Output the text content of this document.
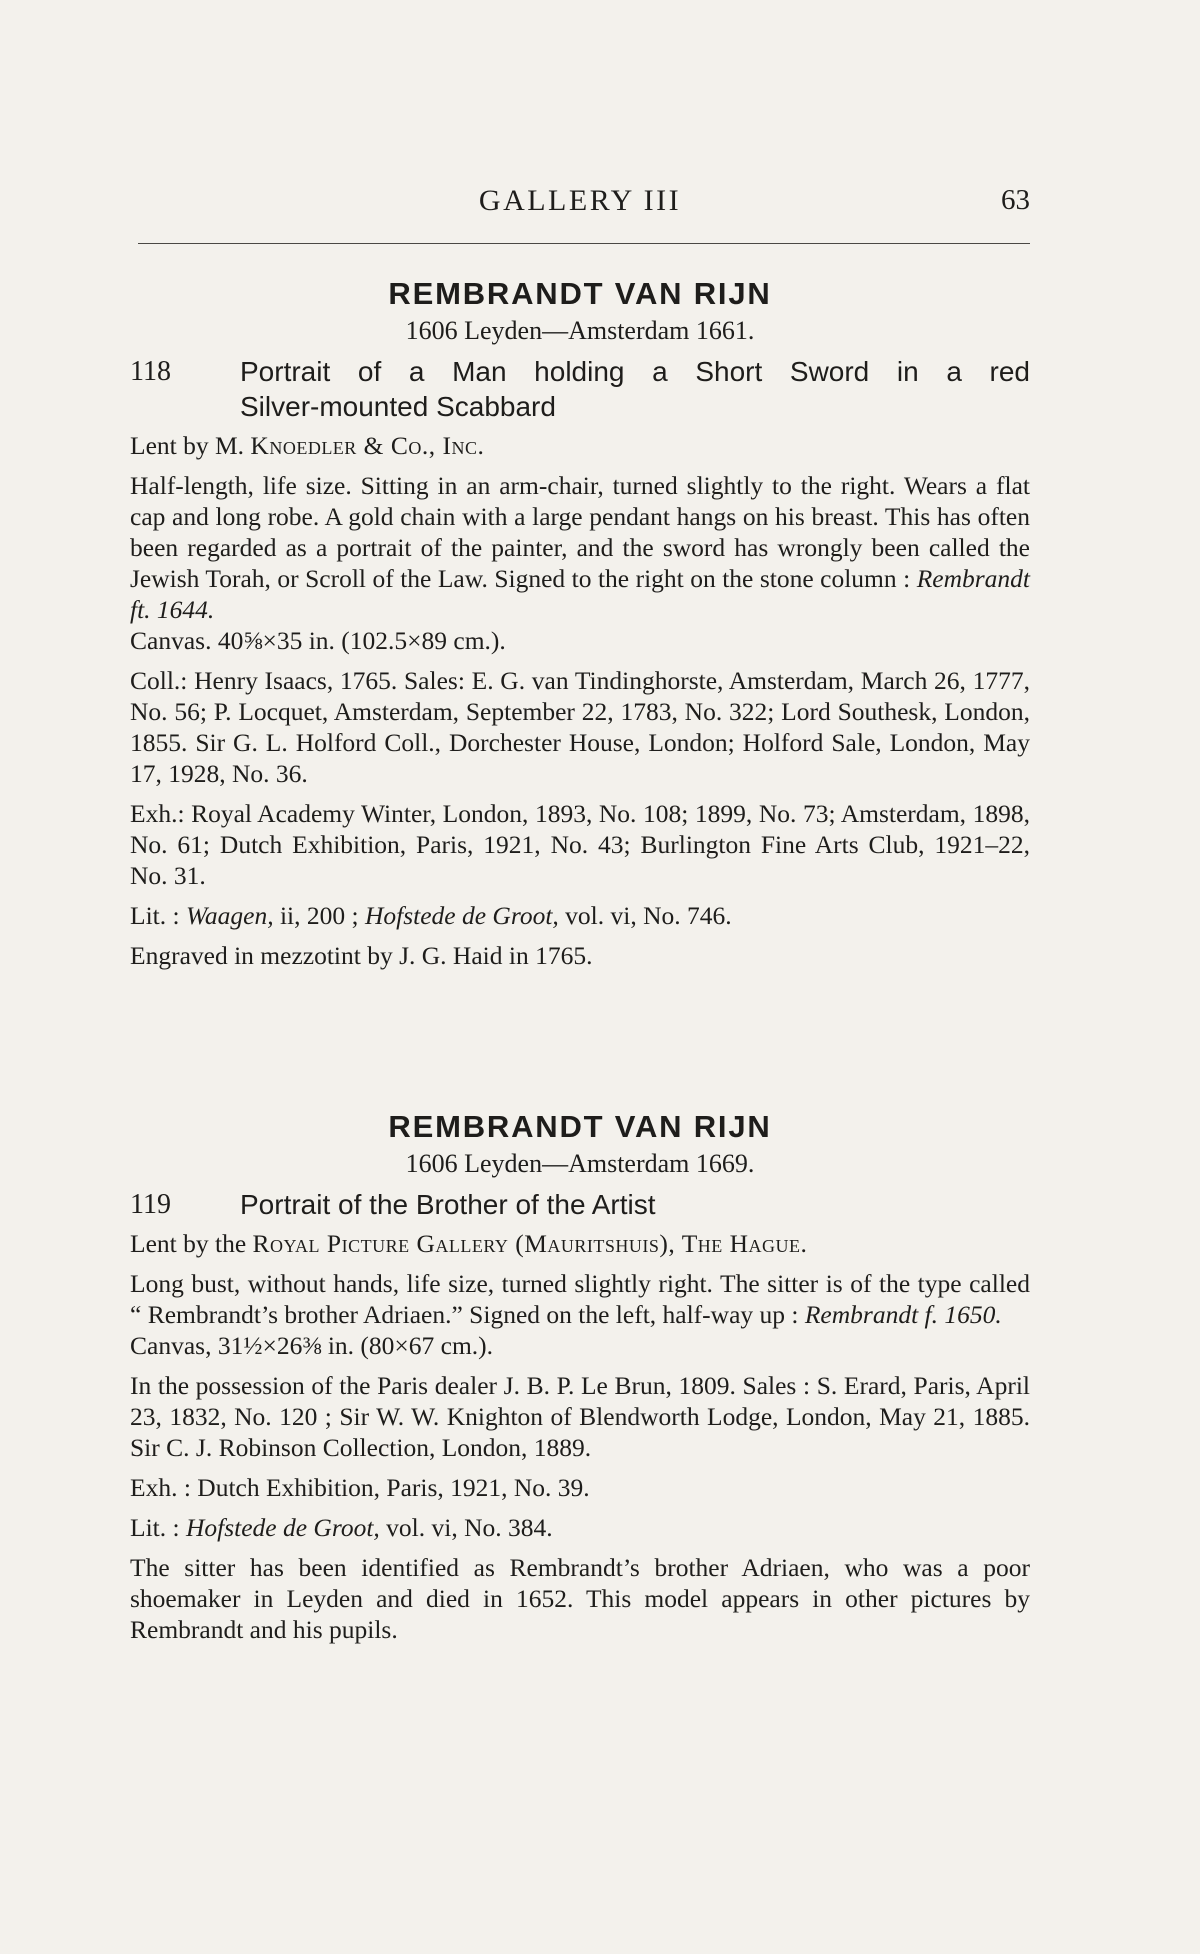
GALLERY III	63
REMBRANDT VAN RIJN
1606 Leyden—Amsterdam 1661.
118 Portrait of a Man holding a Short Sword in a red
Silver-mounted Scabbard

Lent by M. Knoedler & Co., Inc.

Half-length, life size. Sitting in an arm-chair, turned slightly to the right. Wears a flat cap and long robe. A gold chain with a large pendant hangs on his breast. This has often been regarded as a portrait of the painter, and the sword has wrongly been called the Jewish Torah, or Scroll of the Law. Signed to the right on the stone column : Rembrandt ft. 1644.

Canvas. 40⅝×35 in. (102.5×89 cm.).

Coll.: Henry Isaacs, 1765. Sales: E. G. van Tindinghorste, Amsterdam, March 26, 1777, No. 56; P. Locquet, Amsterdam, September 22, 1783, No. 322; Lord Southesk, London, 1855. Sir G. L. Holford Coll., Dorchester House, London; Holford Sale, London, May 17, 1928, No. 36.

Exh.: Royal Academy Winter, London, 1893, No. 108; 1899, No. 73; Amsterdam, 1898, No. 61; Dutch Exhibition, Paris, 1921, No. 43; Burlington Fine Arts Club, 1921–22, No. 31.

Lit. : Waagen, ii, 200 ; Hofstede de Groot, vol. vi, No. 746.

Engraved in mezzotint by J. G. Haid in 1765.

REMBRANDT VAN RIJN
1606 Leyden—Amsterdam 1669.
119 Portrait of the Brother of the Artist

Lent by the Royal Picture Gallery (Mauritshuis), The Hague.

Long bust, without hands, life size, turned slightly right. The sitter is of the type called “ Rembrandt’s brother Adriaen.” Signed on the left, half-way up : Rembrandt f. 1650.

Canvas, 31½×26⅜ in. (80×67 cm.).

In the possession of the Paris dealer J. B. P. Le Brun, 1809. Sales : S. Erard, Paris, April 23, 1832, No. 120 ; Sir W. W. Knighton of Blendworth Lodge, London, May 21, 1885. Sir C. J. Robinson Collection, London, 1889.

Exh. : Dutch Exhibition, Paris, 1921, No. 39.

Lit. : Hofstede de Groot, vol. vi, No. 384.

The sitter has been identified as Rembrandt’s brother Adriaen, who was a poor shoemaker in Leyden and died in 1652. This model appears in other pictures by Rembrandt and his pupils.
